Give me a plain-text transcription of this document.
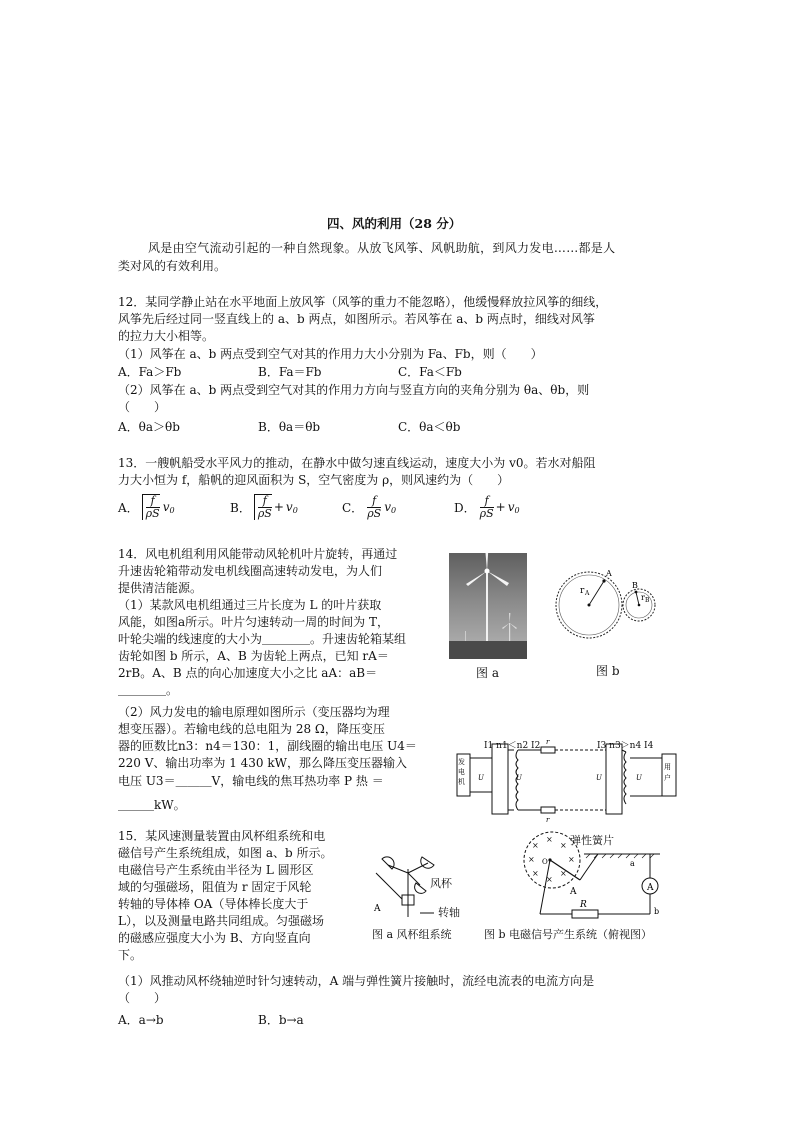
四、风的利用（28 分）
风是由空气流动引起的一种自然现象。从放飞风筝、风帆助航，到风力发电……都是人
类对风的有效利用。
12．某同学静止站在水平地面上放风筝（风筝的重力不能忽略），他缓慢释放拉风筝的细线，
风筝先后经过同一竖直线上的 a、b 两点，如图所示。若风筝在 a、b 两点时，细线对风筝
的拉力大小相等。
（1）风筝在 a、b 两点受到空气对其的作用力大小分别为 Fa、Fb，则（　　）
A．Fa＞Fb	B．Fa＝Fb	C．Fa＜Fb
（2）风筝在 a、b 两点受到空气对其的作用力方向与竖直方向的夹角分别为 θa、θb，则
（　　）
A．θa＞θb	B．θa＝θb	C．θa＜θb
13．一艘帆船受水平风力的推动，在静水中做匀速直线运动，速度大小为 v0。若水对船阻
力大小恒为 f，船帆的迎风面积为 S，空气密度为 ρ，则风速约为（　　）
A． $\frac{f}{\rho S} v_0$	B． $\frac{f}{\rho S} + v_0$	C． $\frac{f}{\rho S} v_0$	D． $\frac{f}{\rho S} + v_0$
14．风电机组利用风能带动风轮机叶片旋转，再通过
升速齿轮箱带动发电机线圈高速转动发电，为人们
提供清洁能源。
（1）某款风电机组通过三片长度为 L 的叶片获取
风能，如图a所示。叶片匀速转动一周的时间为 T，
叶轮尖端的线速度的大小为＿＿＿＿。升速齿轮箱某组
齿轮如图 b 所示，A、B 为齿轮上两点，已知 rA＝
2rB。A、B 点的向心加速度大小之比 aA：aB＝
＿＿＿＿。
（2）风力发电的输电原理如图所示（变压器均为理
想变压器）。若输电线的总电阻为 28 Ω，降压变压
器的匝数比n3：n4＝130：1，副线圈的输出电压 U4＝
220 V、输出功率为 1 430 kW，那么降压变压器输入
电压 U3＝＿＿＿V，输电线的焦耳热功率 P 热 ＝
＿＿＿kW。
图 a
r A
A
B
r B
图 b
发
电
机
用
户
U	U	U	U
r
r
I1 n1＜n2 I2	I3 n3＞n4 I4
15．某风速测量装置由风杯组系统和电
磁信号产生系统组成，如图 a、b 所示。
电磁信号产生系统由半径为 L 圆形区
域的匀强磁场，阻值为 r 固定于风轮
转轴的导体棒 OA（导体棒长度大于
L），以及测量电路共同组成。匀强磁场
的磁感应强度大小为 B、方向竖直向
下。
（1）风推动风杯绕轴逆时针匀速转动，A 端与弹性簧片接触时，流经电流表的电流方向是
（　　）
A．a→b	B．b→a
A
风杯
转轴
图 a 风杯组系统
×
×
×
×	×
×
×
×
O
A
a
A
b
R
弹性簧片
图 b 电磁信号产生系统（俯视图）
